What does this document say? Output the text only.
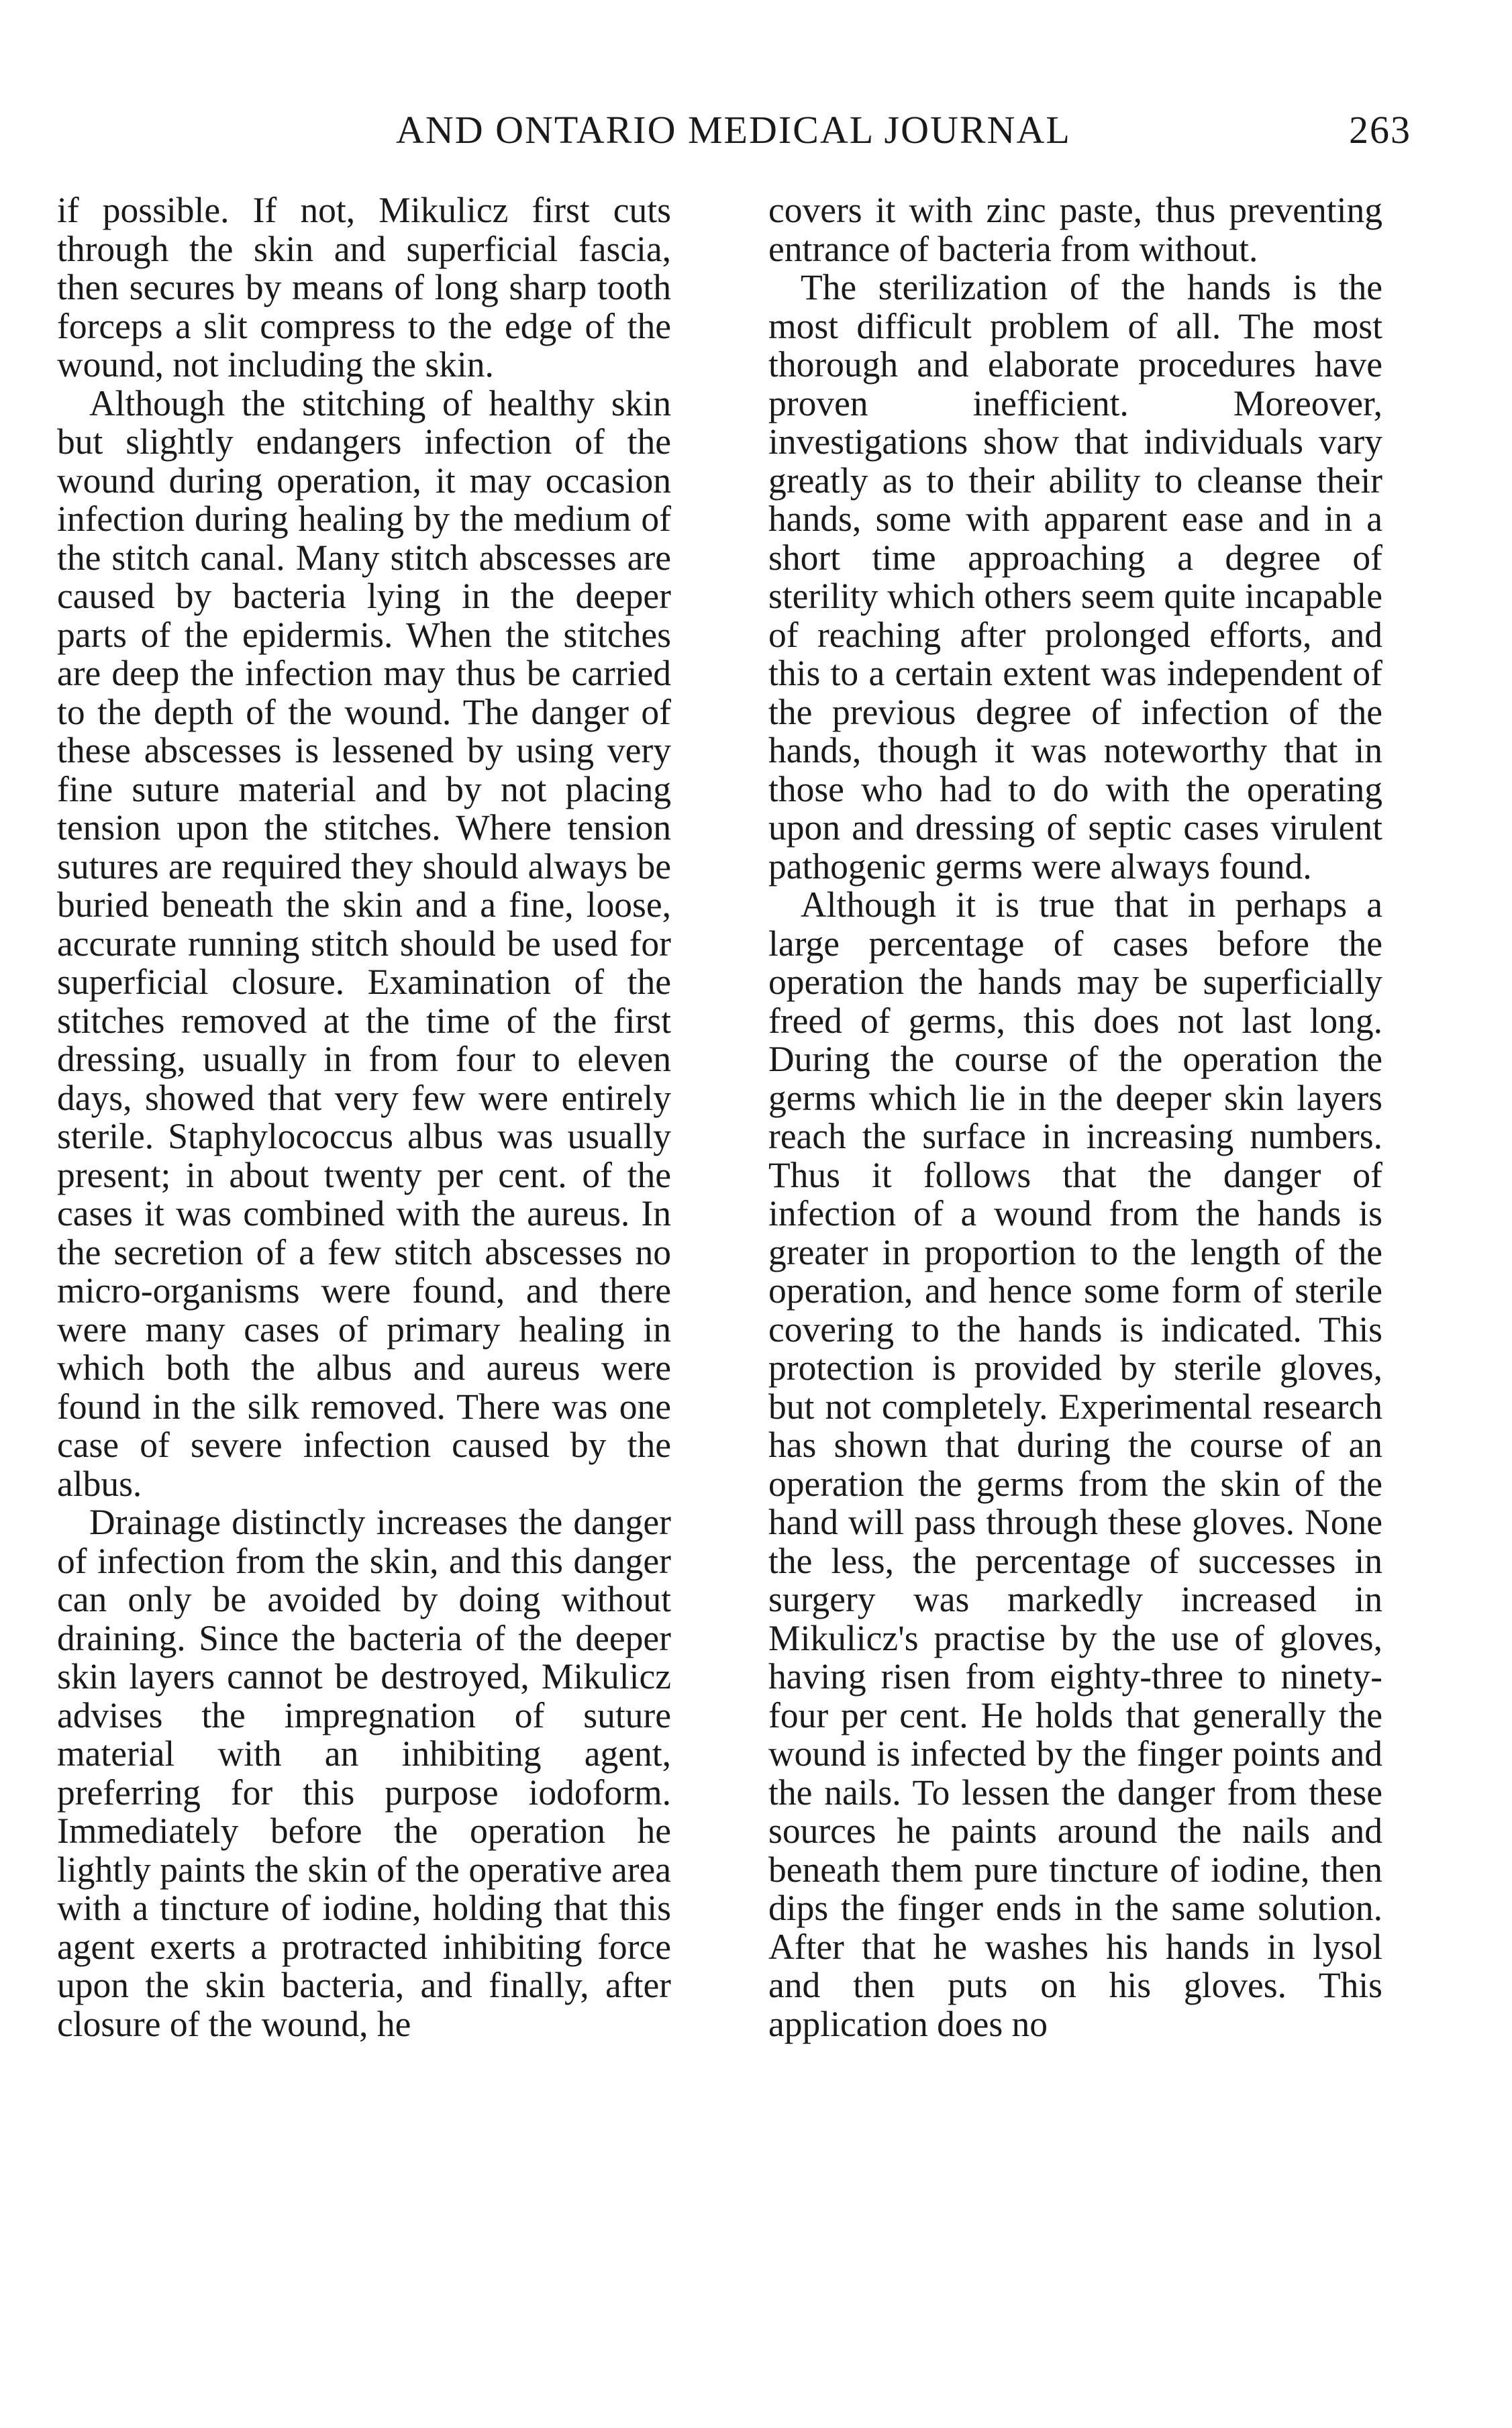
AND ONTARIO MEDICAL JOURNAL	263

if possible. If not, Mikulicz first cuts through the skin and superficial fascia, then secures by means of long sharp tooth forceps a slit compress to the edge of the wound, not including the skin.

Although the stitching of healthy skin but slightly endangers infection of the wound during operation, it may occasion infection during healing by the medium of the stitch canal. Many stitch abscesses are caused by bacteria lying in the deeper parts of the epidermis. When the stitches are deep the infection may thus be carried to the depth of the wound. The danger of these abscesses is lessened by using very fine suture material and by not placing tension upon the stitches. Where tension sutures are required they should always be buried beneath the skin and a fine, loose, accurate running stitch should be used for superficial closure. Examination of the stitches removed at the time of the first dressing, usually in from four to eleven days, showed that very few were entirely sterile. Staphylococcus albus was usually present; in about twenty per cent. of the cases it was combined with the aureus. In the secretion of a few stitch abscesses no micro-organisms were found, and there were many cases of primary healing in which both the albus and aureus were found in the silk removed. There was one case of severe infection caused by the albus.

Drainage distinctly increases the danger of infection from the skin, and this danger can only be avoided by doing without draining. Since the bacteria of the deeper skin layers cannot be destroyed, Mikulicz advises the impregnation of suture material with an inhibiting agent, preferring for this purpose iodoform. Immediately before the operation he lightly paints the skin of the operative area with a tincture of iodine, holding that this agent exerts a protracted inhibiting force upon the skin bacteria, and finally, after closure of the wound, he

covers it with zinc paste, thus preventing entrance of bacteria from without.

The sterilization of the hands is the most difficult problem of all. The most thorough and elaborate procedures have proven inefficient. Moreover, investigations show that individuals vary greatly as to their ability to cleanse their hands, some with apparent ease and in a short time approaching a degree of sterility which others seem quite incapable of reaching after prolonged efforts, and this to a certain extent was independent of the previous degree of infection of the hands, though it was noteworthy that in those who had to do with the operating upon and dressing of septic cases virulent pathogenic germs were always found.

Although it is true that in perhaps a large percentage of cases before the operation the hands may be superficially freed of germs, this does not last long. During the course of the operation the germs which lie in the deeper skin layers reach the surface in increasing numbers. Thus it follows that the danger of infection of a wound from the hands is greater in proportion to the length of the operation, and hence some form of sterile covering to the hands is indicated. This protection is provided by sterile gloves, but not completely. Experimental research has shown that during the course of an operation the germs from the skin of the hand will pass through these gloves. None the less, the percentage of successes in surgery was markedly increased in Mikulicz's practise by the use of gloves, having risen from eighty-three to ninety-four per cent. He holds that generally the wound is infected by the finger points and the nails. To lessen the danger from these sources he paints around the nails and beneath them pure tincture of iodine, then dips the finger ends in the same solution. After that he washes his hands in lysol and then puts on his gloves. This application does no
